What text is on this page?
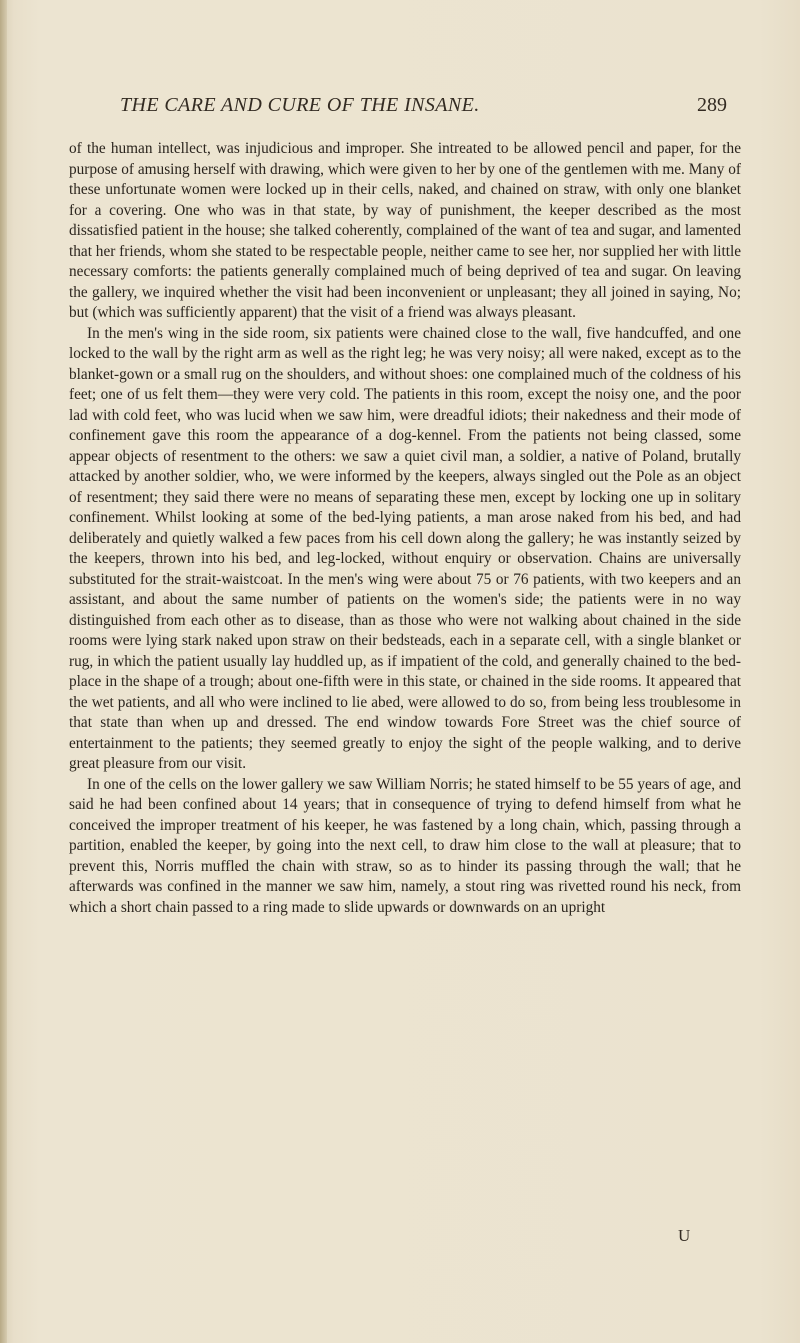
THE CARE AND CURE OF THE INSANE.	289

of the human intellect, was injudicious and improper. She intreated to be allowed pencil and paper, for the purpose of amusing herself with drawing, which were given to her by one of the gentlemen with me. Many of these unfortunate women were locked up in their cells, naked, and chained on straw, with only one blanket for a covering. One who was in that state, by way of punishment, the keeper described as the most dissatisfied patient in the house; she talked coherently, complained of the want of tea and sugar, and lamented that her friends, whom she stated to be respectable people, neither came to see her, nor supplied her with little necessary comforts: the patients generally complained much of being deprived of tea and sugar. On leaving the gallery, we inquired whether the visit had been inconvenient or unpleasant; they all joined in saying, No; but (which was sufficiently apparent) that the visit of a friend was always pleasant.

In the men's wing in the side room, six patients were chained close to the wall, five handcuffed, and one locked to the wall by the right arm as well as the right leg; he was very noisy; all were naked, except as to the blanket-gown or a small rug on the shoulders, and without shoes: one complained much of the coldness of his feet; one of us felt them—they were very cold. The patients in this room, except the noisy one, and the poor lad with cold feet, who was lucid when we saw him, were dreadful idiots; their nakedness and their mode of confinement gave this room the appearance of a dog-kennel. From the patients not being classed, some appear objects of resentment to the others: we saw a quiet civil man, a soldier, a native of Poland, brutally attacked by another soldier, who, we were informed by the keepers, always singled out the Pole as an object of resentment; they said there were no means of separating these men, except by locking one up in solitary confinement. Whilst looking at some of the bed-lying patients, a man arose naked from his bed, and had deliberately and quietly walked a few paces from his cell down along the gallery; he was instantly seized by the keepers, thrown into his bed, and leg-locked, without enquiry or observation. Chains are universally substituted for the strait-waistcoat. In the men's wing were about 75 or 76 patients, with two keepers and an assistant, and about the same number of patients on the women's side; the patients were in no way distinguished from each other as to disease, than as those who were not walking about chained in the side rooms were lying stark naked upon straw on their bedsteads, each in a separate cell, with a single blanket or rug, in which the patient usually lay huddled up, as if impatient of the cold, and generally chained to the bed-place in the shape of a trough; about one-fifth were in this state, or chained in the side rooms. It appeared that the wet patients, and all who were inclined to lie abed, were allowed to do so, from being less troublesome in that state than when up and dressed. The end window towards Fore Street was the chief source of entertainment to the patients; they seemed greatly to enjoy the sight of the people walking, and to derive great pleasure from our visit.

In one of the cells on the lower gallery we saw William Norris; he stated himself to be 55 years of age, and said he had been confined about 14 years; that in consequence of trying to defend himself from what he conceived the improper treatment of his keeper, he was fastened by a long chain, which, passing through a partition, enabled the keeper, by going into the next cell, to draw him close to the wall at pleasure; that to prevent this, Norris muffled the chain with straw, so as to hinder its passing through the wall; that he afterwards was confined in the manner we saw him, namely, a stout ring was rivetted round his neck, from which a short chain passed to a ring made to slide upwards or downwards on an upright

U
